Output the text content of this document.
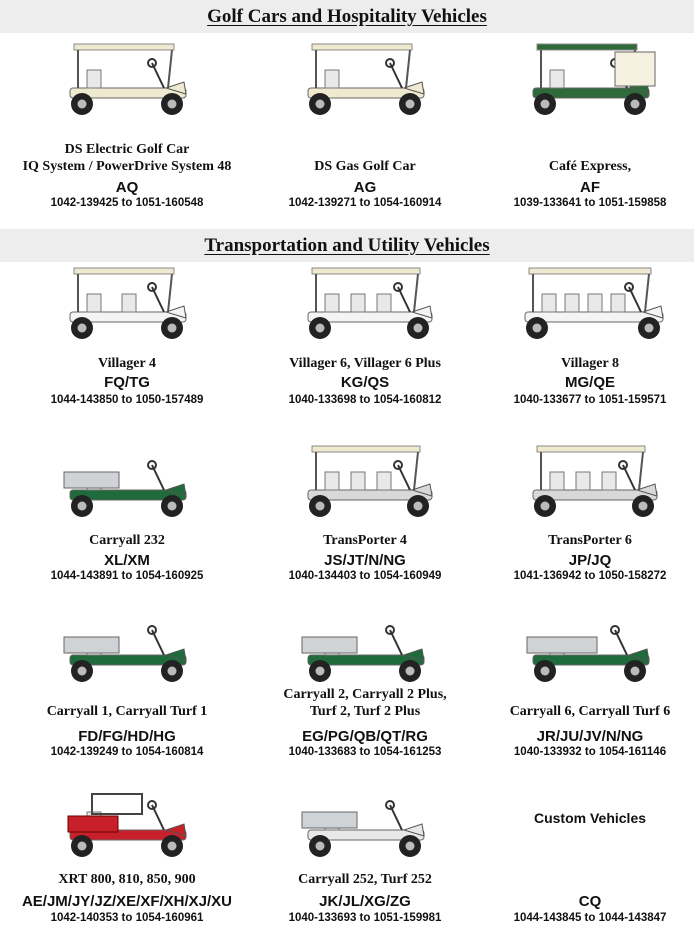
Golf Cars and Hospitality Vehicles
Transportation and Utility Vehicles
DS Electric Golf Car
IQ System / PowerDrive System 48
AQ
1042-139425 to 1051-160548
DS Gas Golf Car
AG
1042-139271 to 1054-160914
Café Express,
AF
1039-133641 to 1051-159858
Villager 4
FQ/TG
1044-143850 to 1050-157489
Villager 6, Villager 6 Plus
KG/QS
1040-133698 to 1054-160812
Villager 8
MG/QE
1040-133677 to 1051-159571
Carryall 232
XL/XM
1044-143891 to 1054-160925
TransPorter 4
JS/JT/N/NG
1040-134403 to 1054-160949
TransPorter 6
JP/JQ
1041-136942 to 1050-158272
Carryall 1, Carryall Turf 1
FD/FG/HD/HG
1042-139249 to 1054-160814
Carryall 2, Carryall 2 Plus,
Turf 2, Turf 2 Plus
EG/PG/QB/QT/RG
1040-133683 to 1054-161253
Carryall 6, Carryall Turf 6
JR/JU/JV/N/NG
1040-133932 to 1054-161146
XRT 800, 810, 850, 900
AE/JM/JY/JZ/XE/XF/XH/XJ/XU
1042-140353 to 1054-160961
Carryall 252, Turf 252
JK/JL/XG/ZG
1040-133693 to 1051-159981
Custom Vehicles
CQ
1044-143845 to 1044-143847
